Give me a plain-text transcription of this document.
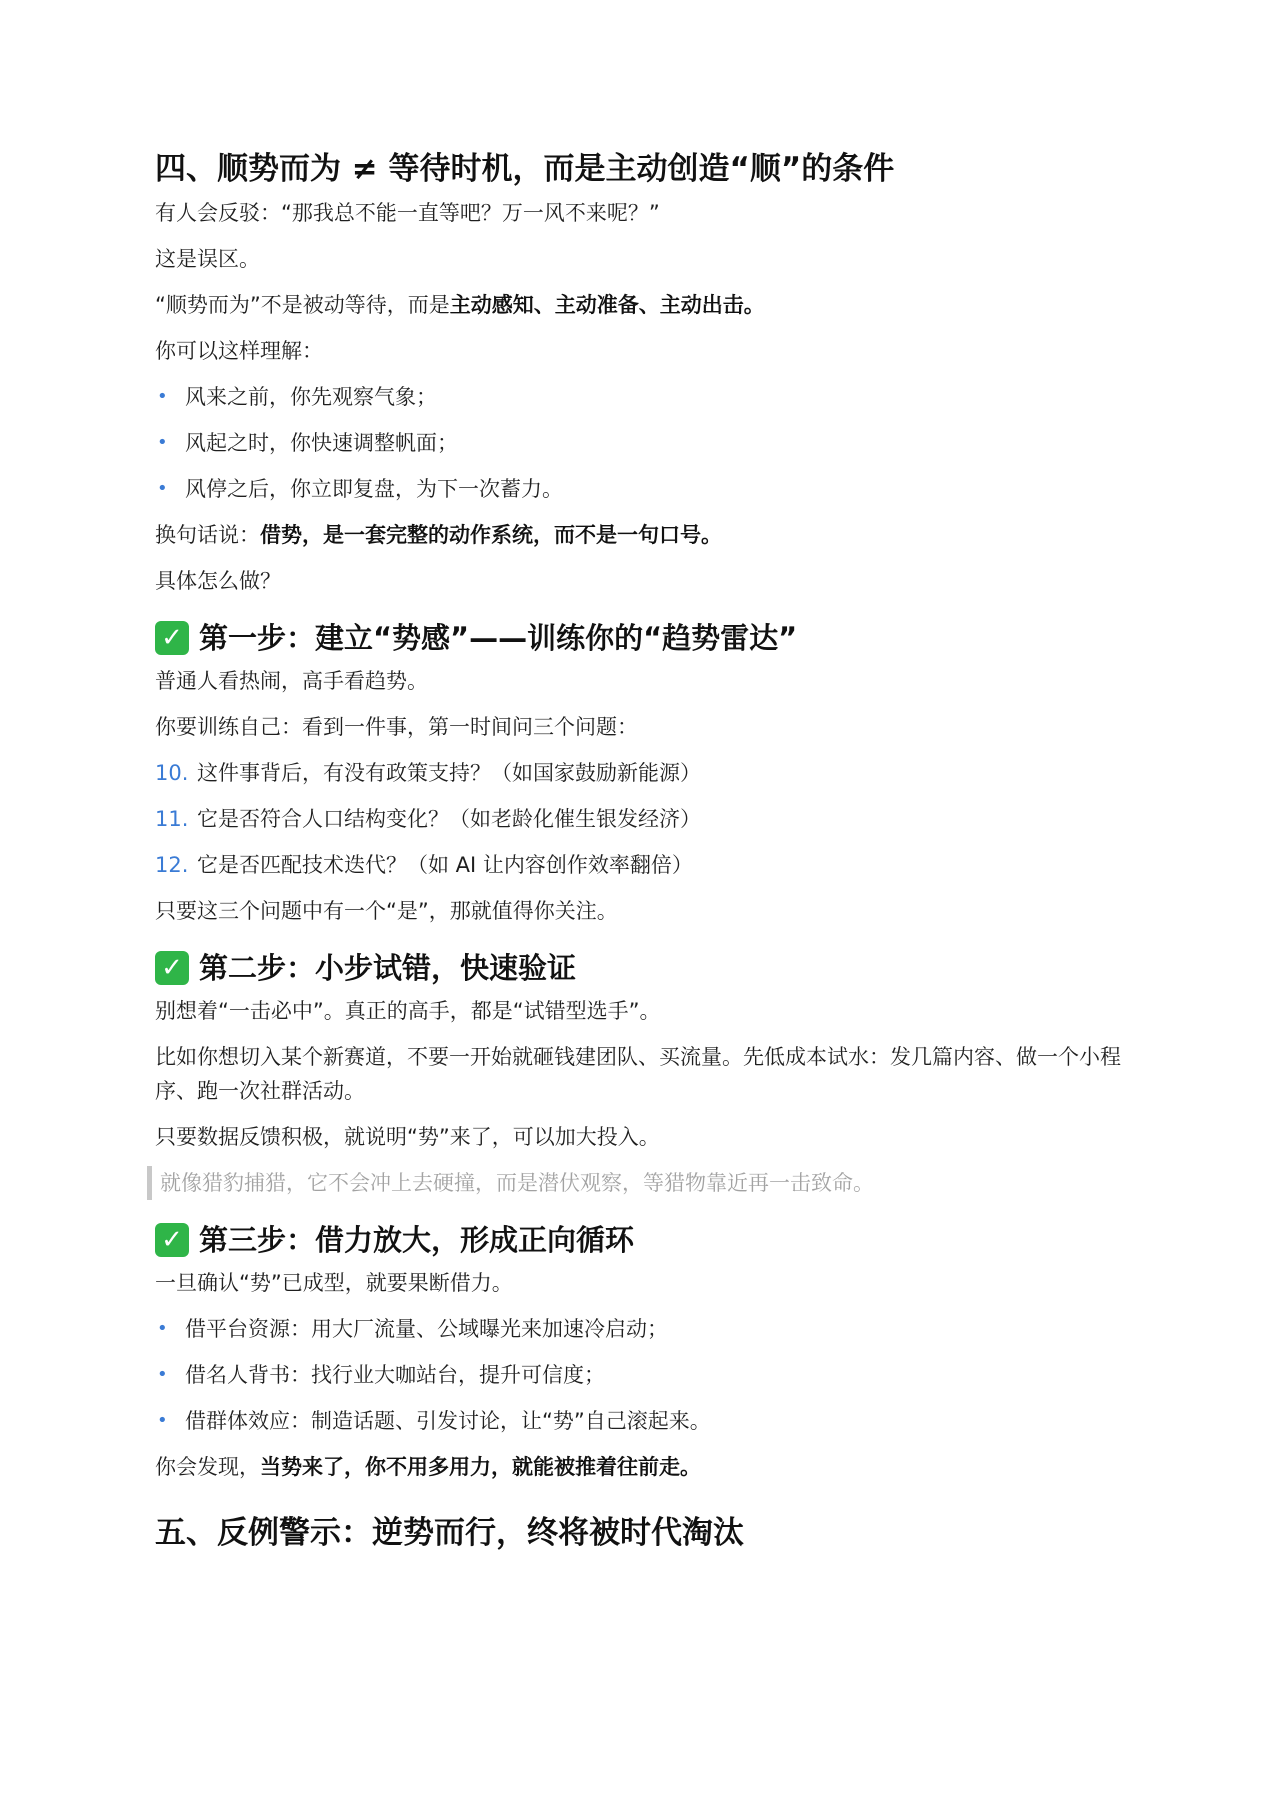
四、顺势而为 ≠ 等待时机，而是主动创造“顺”的条件

有人会反驳：“那我总不能一直等吧？万一风不来呢？”

这是误区。

“顺势而为”不是被动等待，而是主动感知、主动准备、主动出击。

你可以这样理解：

• 风来之前，你先观察气象；
• 风起之时，你快速调整帆面；
• 风停之后，你立即复盘，为下一次蓄力。

换句话说：借势，是一套完整的动作系统，而不是一句口号。

具体怎么做？

✓ 第一步：建立“势感”——训练你的“趋势雷达”

普通人看热闹，高手看趋势。

你要训练自己：看到一件事，第一时间问三个问题：

10. 这件事背后，有没有政策支持？（如国家鼓励新能源）
11. 它是否符合人口结构变化？（如老龄化催生银发经济）
12. 它是否匹配技术迭代？（如 AI 让内容创作效率翻倍）

只要这三个问题中有一个“是”，那就值得你关注。

✓ 第二步：小步试错，快速验证

别想着“一击必中”。真正的高手，都是“试错型选手”。

比如你想切入某个新赛道，不要一开始就砸钱建团队、买流量。先低成本试水：发几篇内容、做一个小程序、跑一次社群活动。

只要数据反馈积极，就说明“势”来了，可以加大投入。

就像猎豹捕猎，它不会冲上去硬撞，而是潜伏观察，等猎物靠近再一击致命。
✓ 第三步：借力放大，形成正向循环

一旦确认“势”已成型，就要果断借力。

• 借平台资源：用大厂流量、公域曝光来加速冷启动；
• 借名人背书：找行业大咖站台，提升可信度；
• 借群体效应：制造话题、引发讨论，让“势”自己滚起来。

你会发现，当势来了，你不用多用力，就能被推着往前走。

五、反例警示：逆势而行，终将被时代淘汰
